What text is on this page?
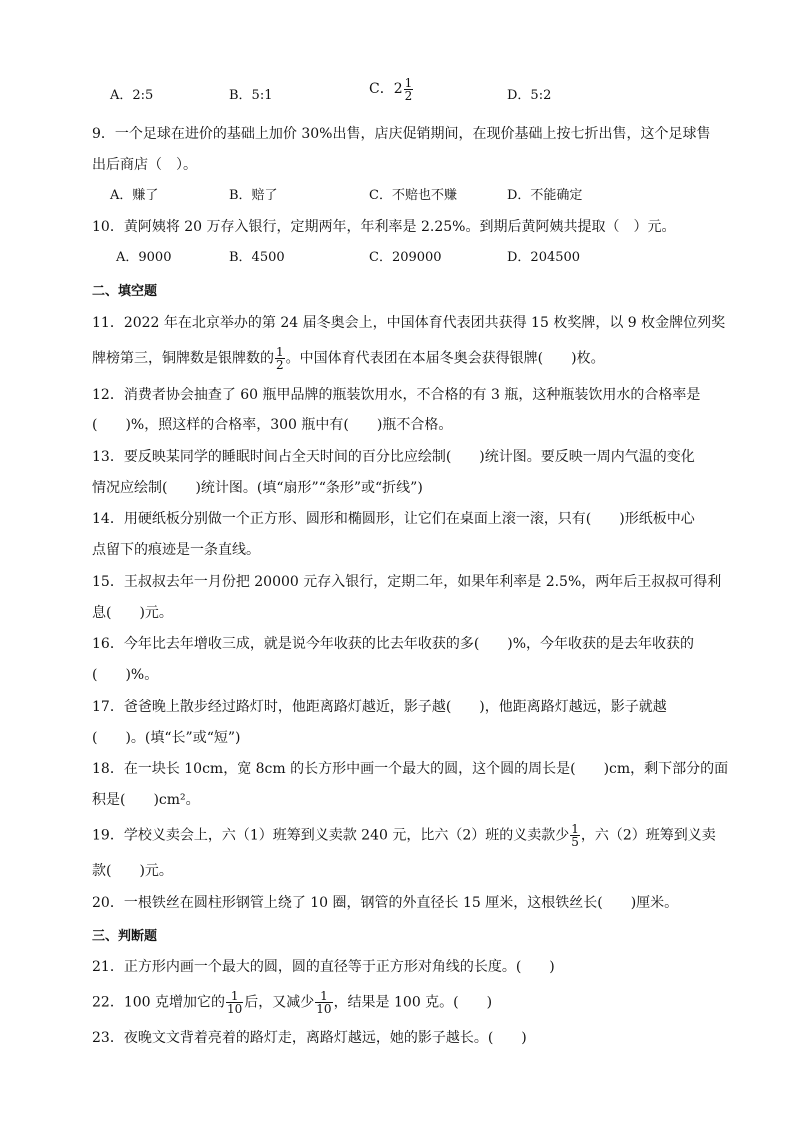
A．2:5	B．5:1	C．$2 \frac{1}{2}$	D．5:2
9．一个足球在进价的基础上加价 30%出售，店庆促销期间，在现价基础上按七折出售，这个足球售
出后商店（　）。
A．赚了	B．赔了	C．不赔也不赚	D．不能确定
10．黄阿姨将 20 万存入银行，定期两年，年利率是 2.25%。到期后黄阿姨共提取（　）元。
A．9000	B．4500	C．209000	D．204500
二、填空题
11．2022 年在北京举办的第 24 届冬奥会上，中国体育代表团共获得 15 枚奖牌，以 9 枚金牌位列奖
牌榜第三，铜牌数是银牌数的 $\frac{1}{2}$ 。中国体育代表团在本届冬奥会获得银牌(　　)枚。
12．消费者协会抽查了 60 瓶甲品牌的瓶装饮用水，不合格的有 3 瓶，这种瓶装饮用水的合格率是
(　　)%，照这样的合格率，300 瓶中有(　　)瓶不合格。
13．要反映某同学的睡眠时间占全天时间的百分比应绘制(　　)统计图。要反映一周内气温的变化
情况应绘制(　　)统计图。(填“扇形”“条形”或“折线”)
14．用硬纸板分别做一个正方形、圆形和椭圆形，让它们在桌面上滚一滚，只有(　　)形纸板中心
点留下的痕迹是一条直线。
15．王叔叔去年一月份把 20000 元存入银行，定期二年，如果年利率是 2.5%，两年后王叔叔可得利
息(　　)元。
16．今年比去年增收三成，就是说今年收获的比去年收获的多(　　)%，今年收获的是去年收获的
(　　)%。
17．爸爸晚上散步经过路灯时，他距离路灯越近，影子越(　　)，他距离路灯越远，影子就越
(　　)。(填“长”或“短”)
18．在一块长 10cm，宽 8cm 的长方形中画一个最大的圆，这个圆的周长是(　　)cm，剩下部分的面
积是(　　)cm²。
19．学校义卖会上，六（1）班筹到义卖款 240 元，比六（2）班的义卖款少 $\frac{1}{5}$ ，六（2）班筹到义卖
款(　　)元。
20．一根铁丝在圆柱形钢管上绕了 10 圈，钢管的外直径长 15 厘米，这根铁丝长(　　)厘米。
三、判断题
21．正方形内画一个最大的圆，圆的直径等于正方形对角线的长度。(　　)
22．100 克增加它的 $\frac{1}{10}$ 后，又减少 $\frac{1}{10}$ ，结果是 100 克。(　　)
23．夜晚文文背着亮着的路灯走，离路灯越远，她的影子越长。(　　)
